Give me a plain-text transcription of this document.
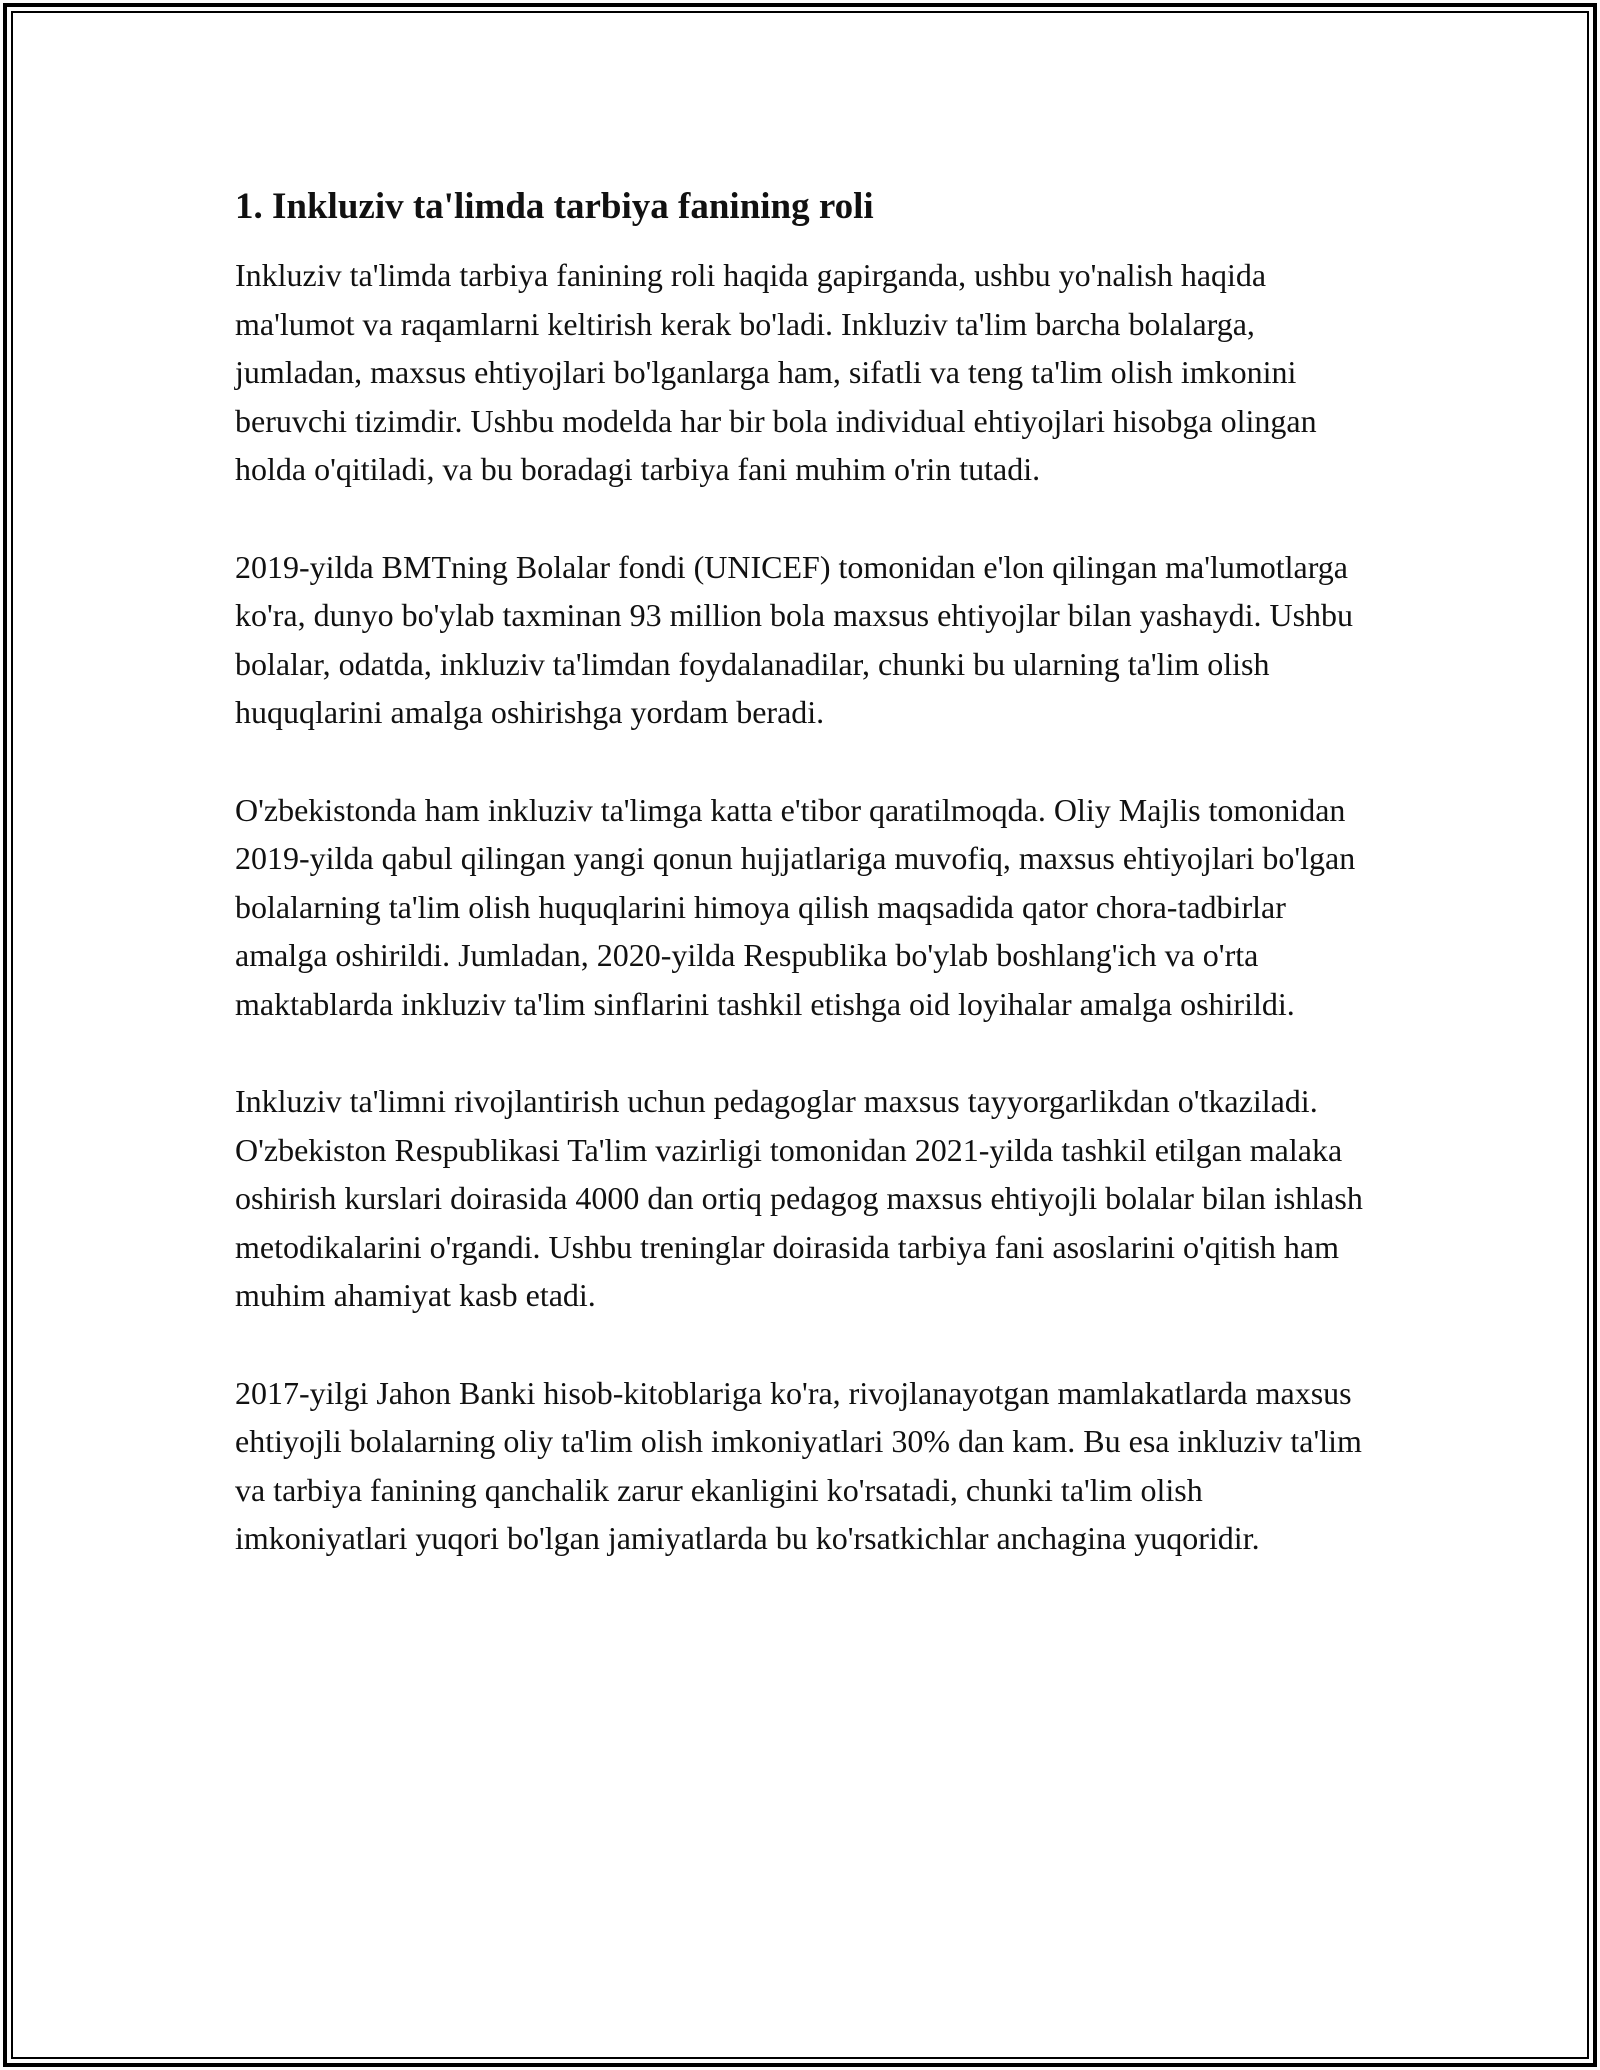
1. Inkluziv ta'limda tarbiya fanining roli

Inkluziv ta'limda tarbiya fanining roli haqida gapirganda, ushbu yo'nalish haqida ma'lumot va raqamlarni keltirish kerak bo'ladi. Inkluziv ta'lim barcha bolalarga, jumladan, maxsus ehtiyojlari bo'lganlarga ham, sifatli va teng ta'lim olish imkonini beruvchi tizimdir. Ushbu modelda har bir bola individual ehtiyojlari hisobga olingan holda o'qitiladi, va bu boradagi tarbiya fani muhim o'rin tutadi.

2019-yilda BMTning Bolalar fondi (UNICEF) tomonidan e'lon qilingan ma'lumotlarga ko'ra, dunyo bo'ylab taxminan 93 million bola maxsus ehtiyojlar bilan yashaydi. Ushbu bolalar, odatda, inkluziv ta'limdan foydalanadilar, chunki bu ularning ta'lim olish huquqlarini amalga oshirishga yordam beradi.

O'zbekistonda ham inkluziv ta'limga katta e'tibor qaratilmoqda. Oliy Majlis tomonidan 2019-yilda qabul qilingan yangi qonun hujjatlariga muvofiq, maxsus ehtiyojlari bo'lgan bolalarning ta'lim olish huquqlarini himoya qilish maqsadida qator chora-tadbirlar amalga oshirildi. Jumladan, 2020-yilda Respublika bo'ylab boshlang'ich va o'rta maktablarda inkluziv ta'lim sinflarini tashkil etishga oid loyihalar amalga oshirildi.

Inkluziv ta'limni rivojlantirish uchun pedagoglar maxsus tayyorgarlikdan o'tkaziladi. O'zbekiston Respublikasi Ta'lim vazirligi tomonidan 2021-yilda tashkil etilgan malaka oshirish kurslari doirasida 4000 dan ortiq pedagog maxsus ehtiyojli bolalar bilan ishlash metodikalarini o'rgandi. Ushbu treninglar doirasida tarbiya fani asoslarini o'qitish ham muhim ahamiyat kasb etadi.

2017-yilgi Jahon Banki hisob-kitoblariga ko'ra, rivojlanayotgan mamlakatlarda maxsus ehtiyojli bolalarning oliy ta'lim olish imkoniyatlari 30% dan kam. Bu esa inkluziv ta'lim va tarbiya fanining qanchalik zarur ekanligini ko'rsatadi, chunki ta'lim olish imkoniyatlari yuqori bo'lgan jamiyatlarda bu ko'rsatkichlar anchagina yuqoridir.
